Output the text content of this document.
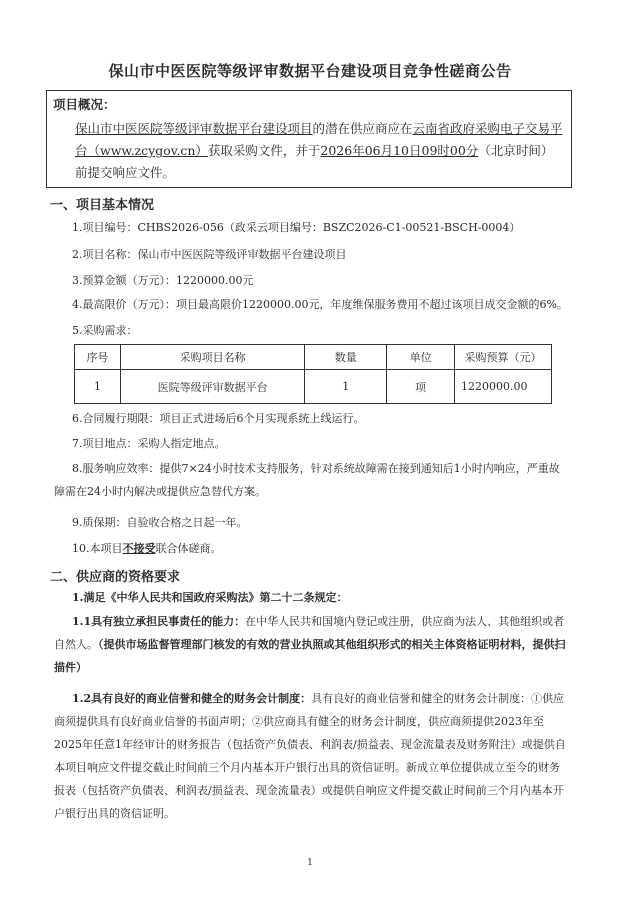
保山市中医医院等级评审数据平台建设项目竞争性磋商公告
项目概况：
保山市中医医院等级评审数据平台建设项目的潜在供应商应在云南省政府采购电子交易平台（www.zcygov.cn）获取采购文件，并于2026年06月10日09时00分（北京时间）前提交响应文件。
一、项目基本情况
1.项目编号：CHBS2026-056（政采云项目编号：BSZC2026-C1-00521-BSCH-0004）
2.项目名称：保山市中医医院等级评审数据平台建设项目
3.预算金额（万元）：1220000.00元
4.最高限价（万元）：项目最高限价1220000.00元，年度维保服务费用不超过该项目成交金额的6%。
5.采购需求：
序号	采购项目名称	数量	单位	采购预算（元）
1	医院等级评审数据平台	1	项	1220000.00
6.合同履行期限：项目正式进场后6个月实现系统上线运行。
7.项目地点：采购人指定地点。
8.服务响应效率：提供7×24小时技术支持服务，针对系统故障需在接到通知后1小时内响应，严重故障需在24小时内解决或提供应急替代方案。
9.质保期：自验收合格之日起一年。
10.本项目不接受联合体磋商。
二、供应商的资格要求
1.满足《中华人民共和国政府采购法》第二十二条规定：
1.1具有独立承担民事责任的能力：在中华人民共和国境内登记或注册，供应商为法人、其他组织或者自然人。（提供市场监督管理部门核发的有效的营业执照或其他组织形式的相关主体资格证明材料，提供扫描件）
1.2具有良好的商业信誉和健全的财务会计制度：具有良好的商业信誉和健全的财务会计制度：①供应商须提供具有良好商业信誉的书面声明；②供应商具有健全的财务会计制度，供应商须提供2023年至2025年任意1年经审计的财务报告（包括资产负债表、利润表/损益表、现金流量表及财务附注）或提供自本项目响应文件提交截止时间前三个月内基本开户银行出具的资信证明。新成立单位提供成立至今的财务报表（包括资产负债表、利润表/损益表、现金流量表）或提供自响应文件提交截止时间前三个月内基本开户银行出具的资信证明。
1
